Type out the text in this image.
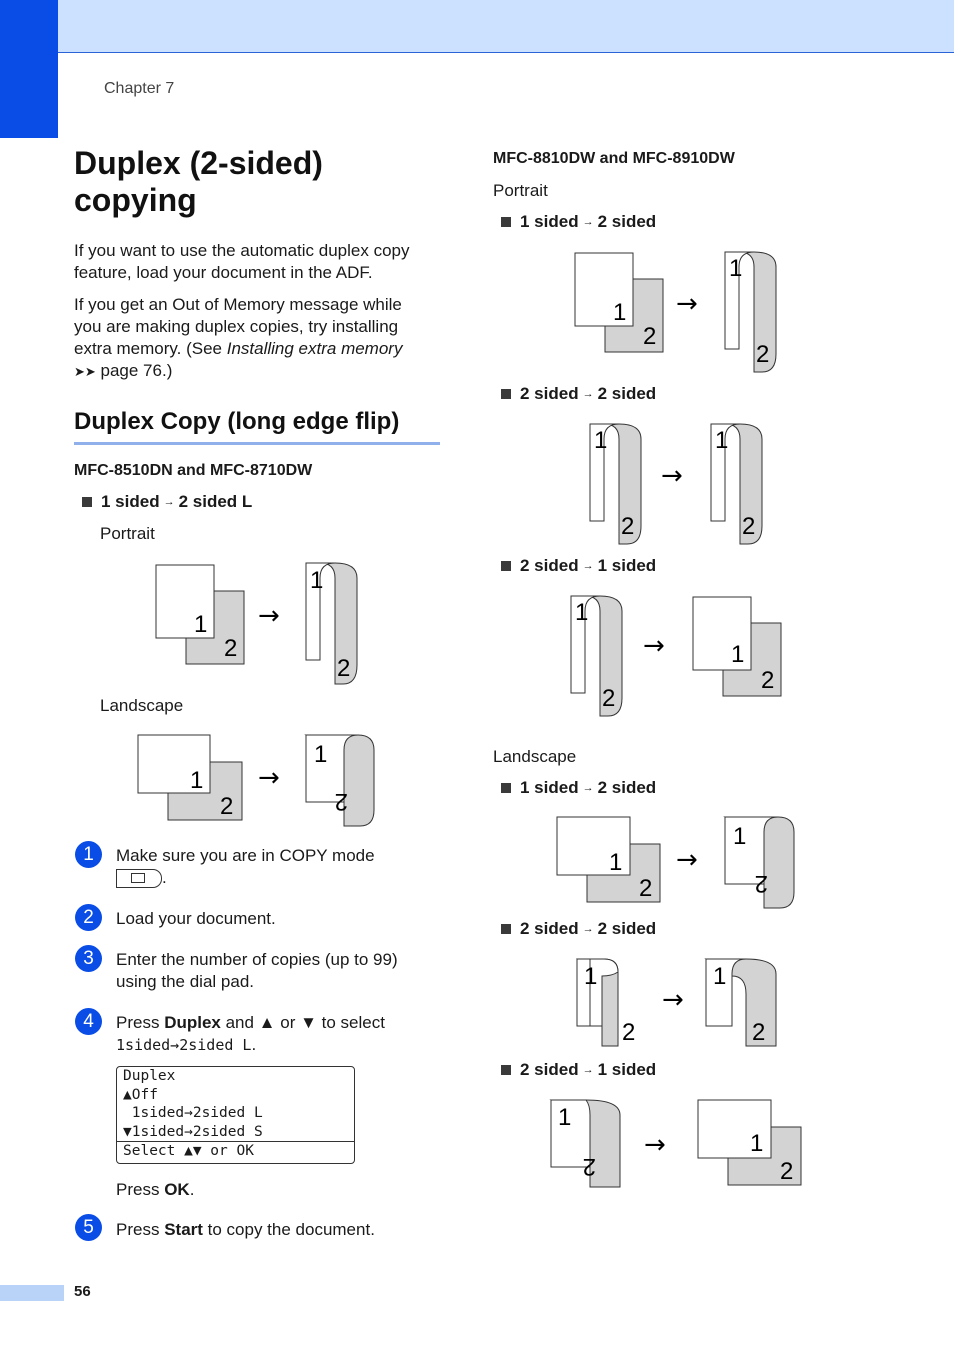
Chapter 7
Duplex (2-sided) copying
If you want to use the automatic duplex copy feature, load your document in the ADF.
If you get an Out of Memory message while
you are making duplex copies, try installing
extra memory. (See Installing extra memory
➤➤ page 76.)
Duplex Copy (long edge flip)
MFC-8510DN and MFC-8710DW
1 sided → 2 sided L
Portrait
1
2
→
1
2
Landscape
1
2
→
1
2
1	Make sure you are in COPY mode
.
2	Load your document.
3	Enter the number of copies (up to 99)
using the dial pad.
4	Press Duplex and ▲ or ▼ to select
1sided→2sided L.
Duplex
▲Off
1sided→2sided L
▼1sided→2sided S
Select ▲▼ or OK
Press OK.
5	Press Start to copy the document.
MFC-8810DW and MFC-8910DW
Portrait
1 sided → 2 sided
1
2
→
1
2
2 sided → 2 sided
1
2
→
1
2
2 sided → 1 sided
1
2
→	1
2
Landscape
1 sided → 2 sided
1
2
→
1
2
2 sided → 2 sided
1
2
→
1
2
2 sided → 1 sided
1
2
→	1
2
56
